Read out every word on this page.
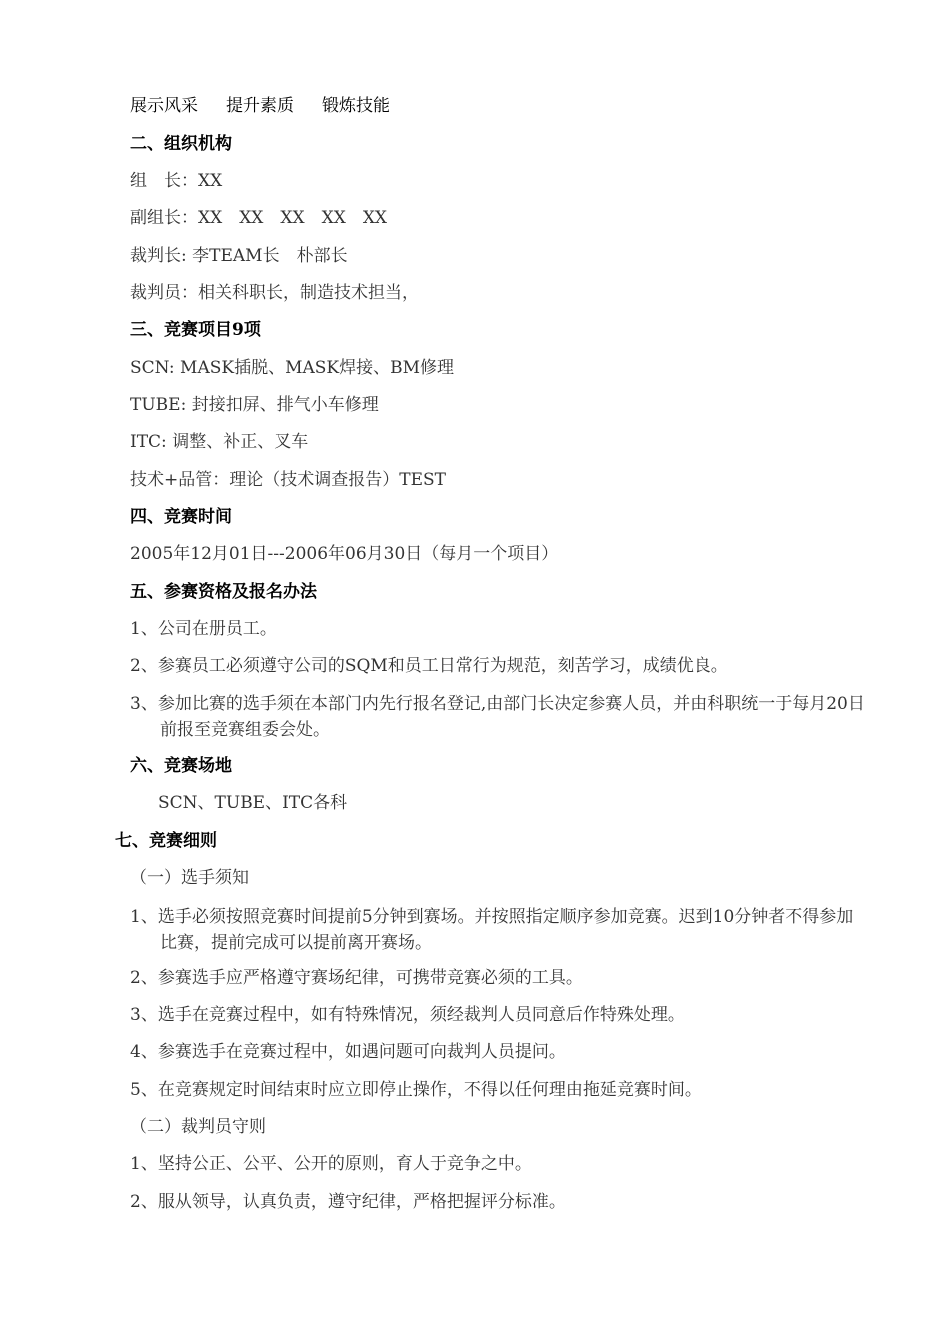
展示风采 提升素质 锻炼技能
二、组织机构
组　长：XX
副组长：XX　XX　XX　XX　XX
裁判长: 李TEAM长　朴部长
裁判员：相关科职长，制造技术担当，
三、竞赛项目9项
SCN: MASK插脱、MASK焊接、BM修理
TUBE: 封接扣屏、排气小车修理
ITC: 调整、补正、叉车
技术+品管：理论（技术调查报告）TEST
四、竞赛时间
2005年12月01日---2006年06月30日（每月一个项目）
五、参赛资格及报名办法
1、公司在册员工。
2、参赛员工必须遵守公司的SQM和员工日常行为规范，刻苦学习，成绩优良。
3、参加比赛的选手须在本部门内先行报名登记,由部门长决定参赛人员，并由科职统一于每月20日前报至竞赛组委会处。
六、竞赛场地
SCN、TUBE、ITC各科
七、竞赛细则
（一）选手须知
1、选手必须按照竞赛时间提前5分钟到赛场。并按照指定顺序参加竞赛。迟到10分钟者不得参加比赛，提前完成可以提前离开赛场。
2、参赛选手应严格遵守赛场纪律，可携带竞赛必须的工具。
3、选手在竞赛过程中，如有特殊情况，须经裁判人员同意后作特殊处理。
4、参赛选手在竞赛过程中，如遇问题可向裁判人员提问。
5、在竞赛规定时间结束时应立即停止操作，不得以任何理由拖延竞赛时间。
（二）裁判员守则
1、坚持公正、公平、公开的原则，育人于竞争之中。
2、服从领导，认真负责，遵守纪律，严格把握评分标准。
